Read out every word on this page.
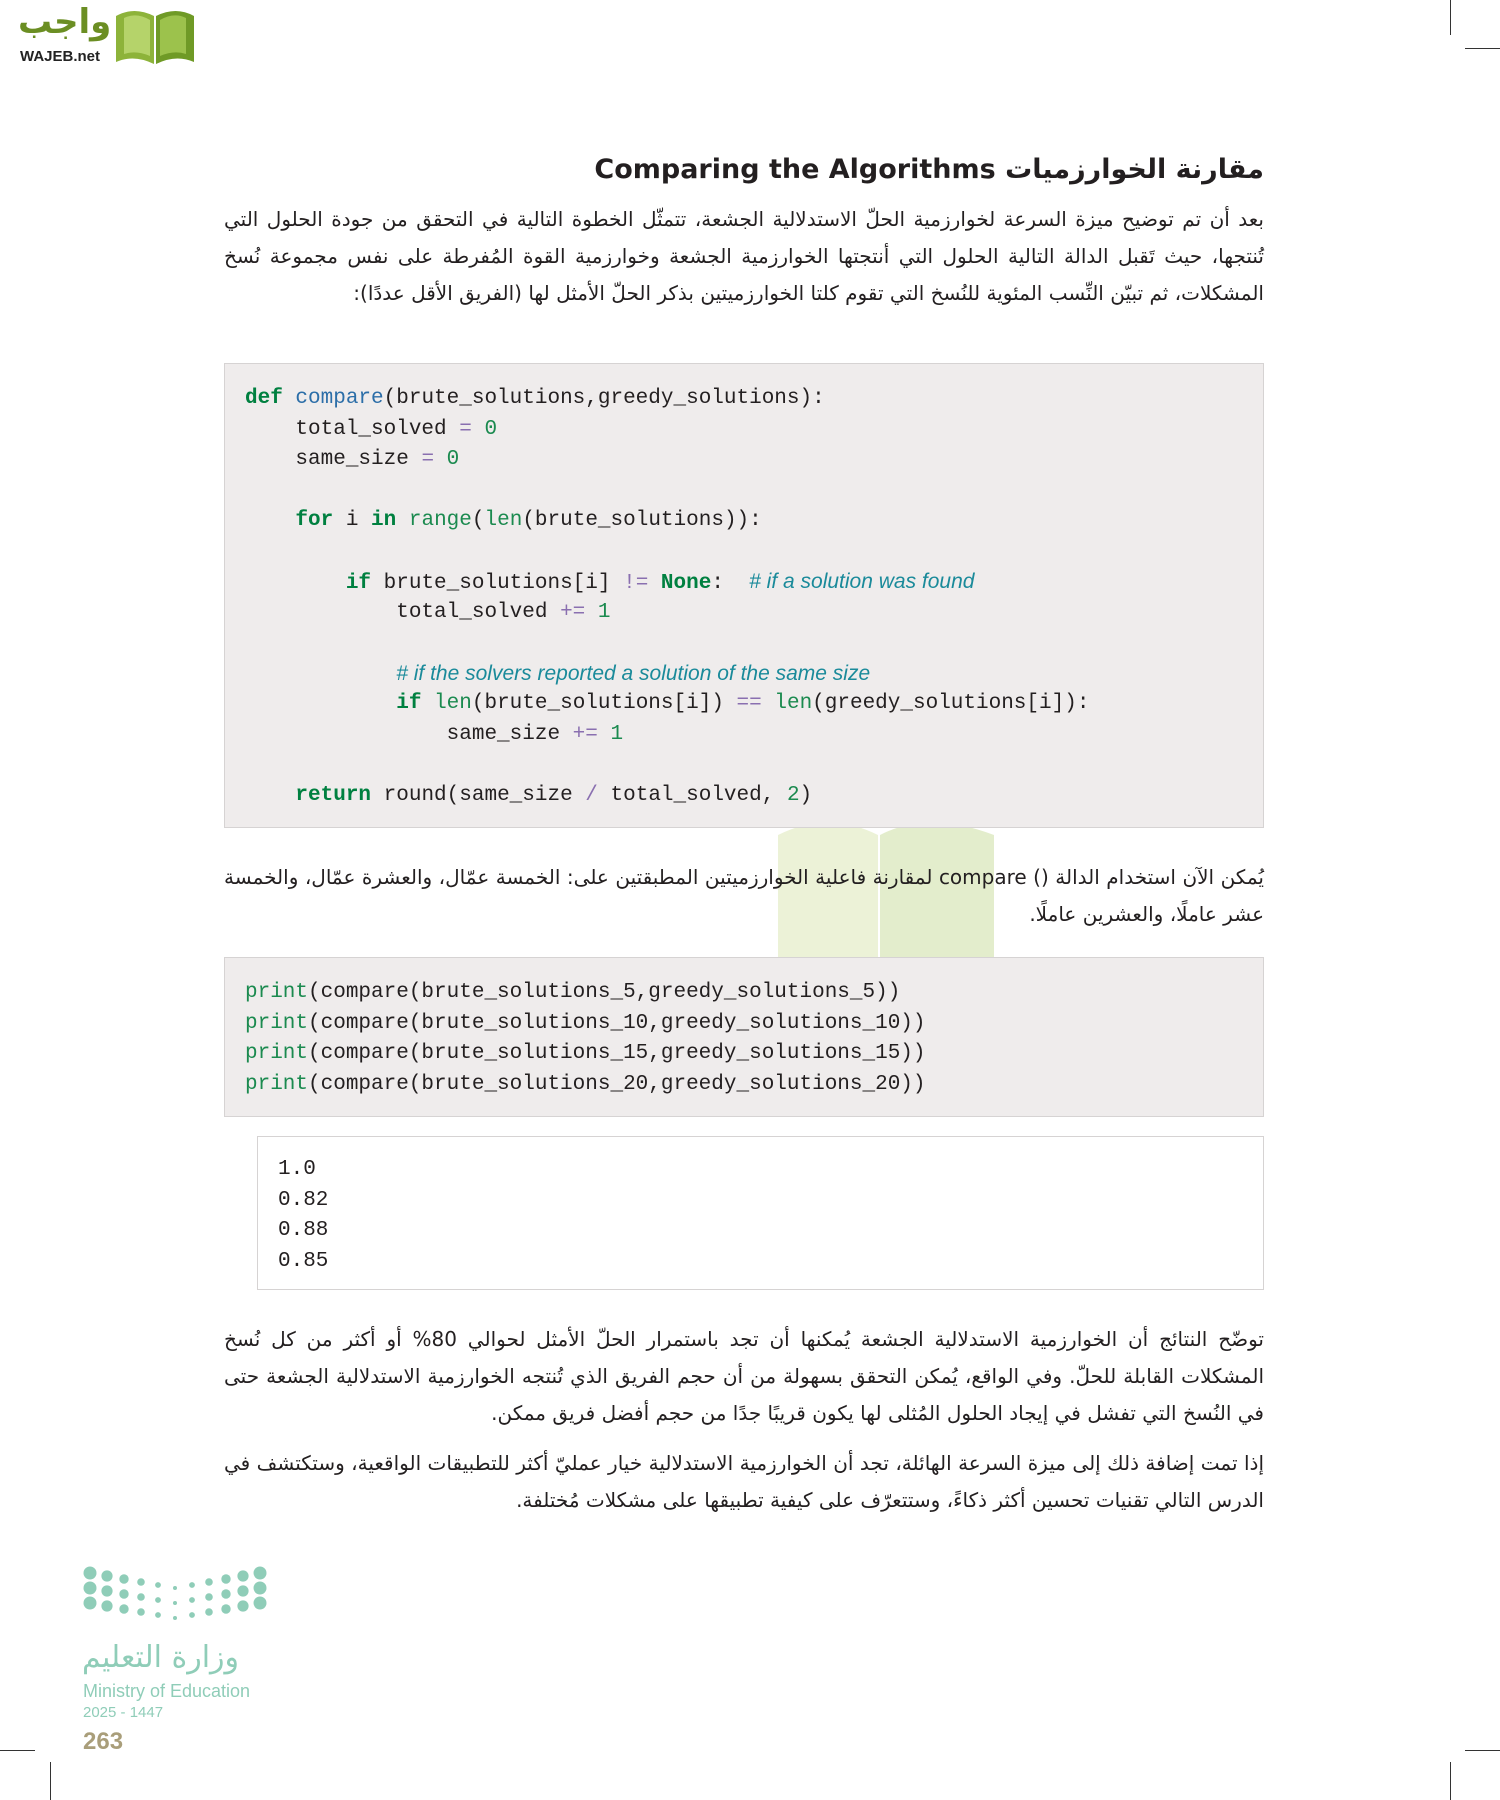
واجب
WAJEB.net
مقارنة الخوارزميات Comparing the Algorithms

بعد أن تم توضيح ميزة السرعة لخوارزمية الحلّ الاستدلالية الجشعة، تتمثّل الخطوة التالية في التحقق من جودة الحلول التي تُنتجها، حيث تَقبل الدالة التالية الحلول التي أنتجتها الخوارزمية الجشعة وخوارزمية القوة المُفرطة على نفس مجموعة نُسخ المشكلات، ثم تبيّن النِّسب المئوية للنُسخ التي تقوم كلتا الخوارزميتين بذكر الحلّ الأمثل لها (الفريق الأقل عددًا):

def compare(brute_solutions,greedy_solutions):
total_solved = 0
same_size = 0
for i in range(len(brute_solutions)):
if brute_solutions[i] != None:  # if a solution was found
total_solved += 1
# if the solvers reported a solution of the same size
if len(brute_solutions[i]) == len(greedy_solutions[i]):
same_size += 1
return round(same_size / total_solved, 2)

يُمكن الآن استخدام الدالة () compare لمقارنة فاعلية الخوارزميتين المطبقتين على: الخمسة عمّال، والعشرة عمّال، والخمسة عشر عاملًا، والعشرين عاملًا.

print(compare(brute_solutions_5,greedy_solutions_5))
print(compare(brute_solutions_10,greedy_solutions_10))
print(compare(brute_solutions_15,greedy_solutions_15))
print(compare(brute_solutions_20,greedy_solutions_20))
1.0
0.82
0.88
0.85

توضّح النتائج أن الخوارزمية الاستدلالية الجشعة يُمكنها أن تجد باستمرار الحلّ الأمثل لحوالي 80% أو أكثر من كل نُسخ المشكلات القابلة للحلّ. وفي الواقع، يُمكن التحقق بسهولة من أن حجم الفريق الذي تُنتجه الخوارزمية الاستدلالية الجشعة حتى في النُسخ التي تفشل في إيجاد الحلول المُثلى لها يكون قريبًا جدًا من حجم أفضل فريق ممكن.

إذا تمت إضافة ذلك إلى ميزة السرعة الهائلة، تجد أن الخوارزمية الاستدلالية خيار عمليّ أكثر للتطبيقات الواقعية، وستكتشف في الدرس التالي تقنيات تحسين أكثر ذكاءً، وستتعرّف على كيفية تطبيقها على مشكلات مُختلفة.

وزارة التعليم
Ministry of Education
2025 - 1447
263
